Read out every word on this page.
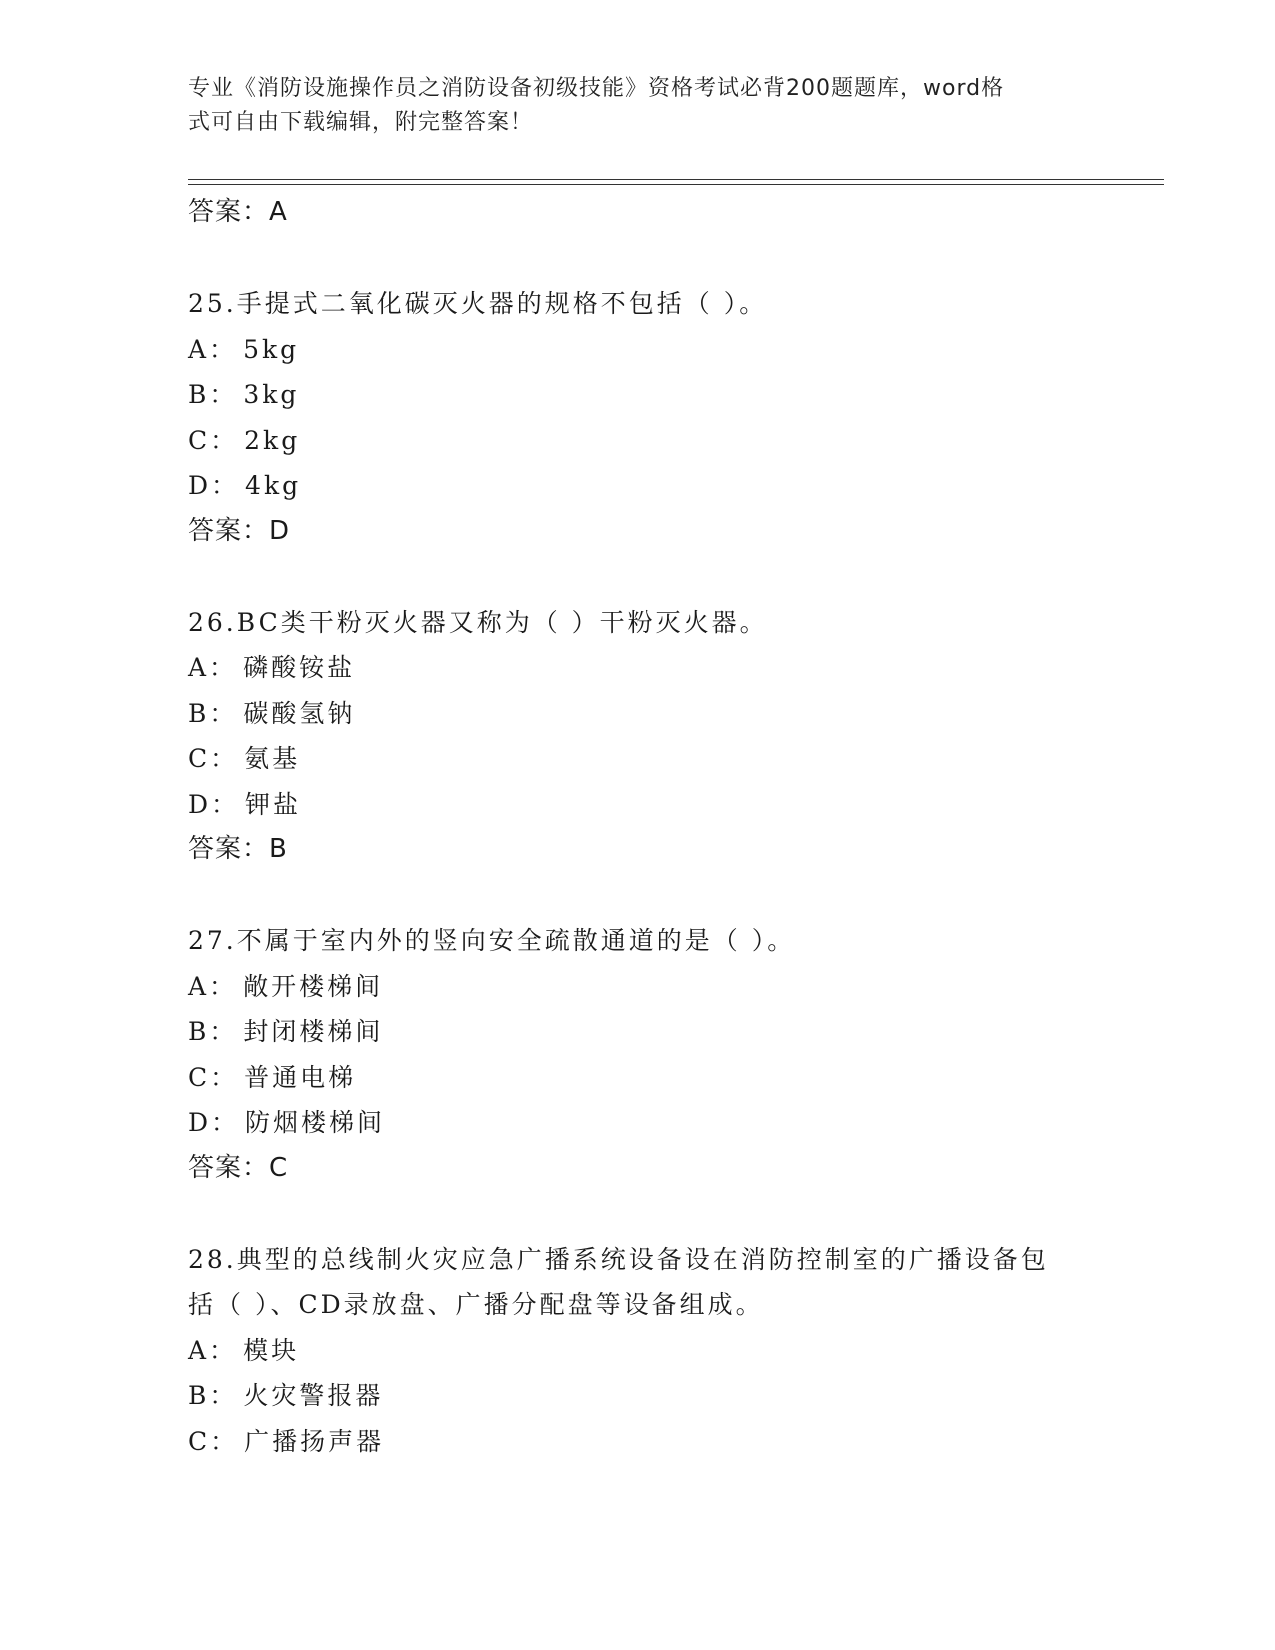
专业《消防设施操作员之消防设备初级技能》资格考试必背200题题库，word格
式可自由下载编辑，附完整答案！
答案：A
25.手提式二氧化碳灭火器的规格不包括（ ）。
A： 5kg
B： 3kg
C： 2kg
D： 4kg
答案：D
26.BC类干粉灭火器又称为（ ）干粉灭火器。
A： 磷酸铵盐
B： 碳酸氢钠
C： 氨基
D： 钾盐
答案：B
27.不属于室内外的竖向安全疏散通道的是（ ）。
A： 敞开楼梯间
B： 封闭楼梯间
C： 普通电梯
D： 防烟楼梯间
答案：C
28.典型的总线制火灾应急广播系统设备设在消防控制室的广播设备包
括（ ）、CD录放盘、广播分配盘等设备组成。
A： 模块
B： 火灾警报器
C： 广播扬声器
